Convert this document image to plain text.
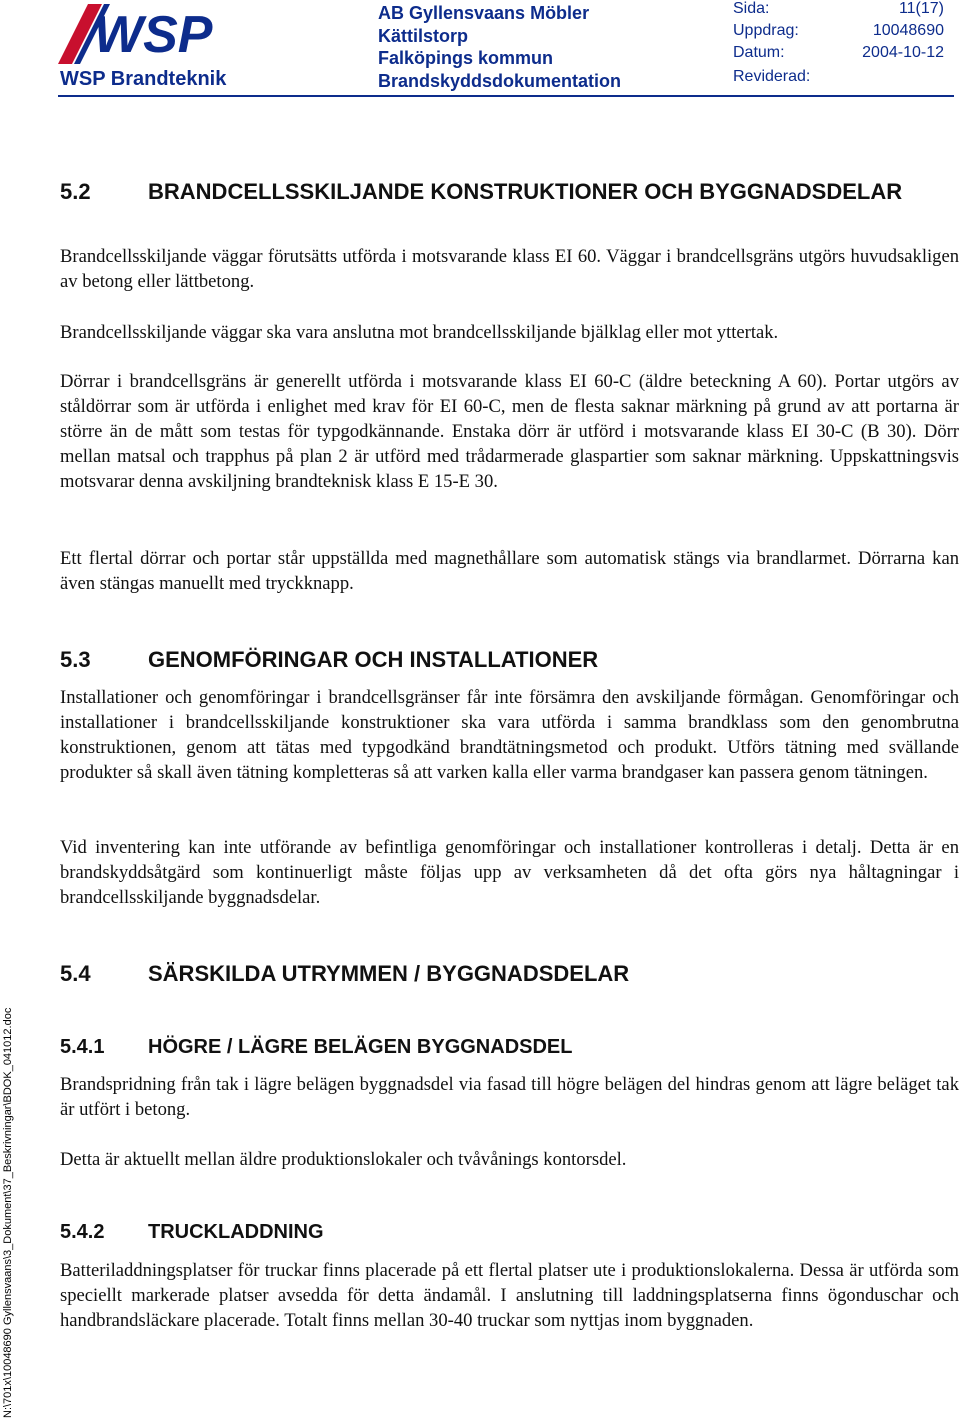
WSP
WSP Brandteknik
AB Gyllensvaans Möbler
Kättilstorp
Falköpings kommun
Brandskyddsdokumentation
Sida:	11(17)
Uppdrag:	10048690
Datum:	2004-10-12
Reviderad:
N:\701x\10048690 Gyllensvaans\3_Dokument\37_Beskrivningar\BDOK_041012.doc
5.2	BRANDCELLSSKILJANDE KONSTRUKTIONER OCH BYGGNADSDELAR

Brandcellsskiljande väggar förutsätts utförda i motsvarande klass EI 60. Väggar i brandcellsgräns utgörs huvudsakligen av betong eller lättbetong.

Brandcellsskiljande väggar ska vara anslutna mot brandcellsskiljande bjälklag eller mot yttertak.

Dörrar i brandcellsgräns är generellt utförda i motsvarande klass EI 60-C (äldre beteckning A 60). Portar utgörs av ståldörrar som är utförda i enlighet med krav för EI 60-C, men de flesta saknar märkning på grund av att portarna är större än de mått som testas för typgodkännande. Enstaka dörr är utförd i motsvarande klass EI 30-C (B 30). Dörr mellan matsal och trapphus på plan 2 är utförd med trådarmerade glaspartier som saknar märkning. Uppskattningsvis motsvarar denna avskiljning brandteknisk klass E 15-E 30.

Ett flertal dörrar och portar står uppställda med magnethållare som automatisk stängs via brandlarmet. Dörrarna kan även stängas manuellt med tryckknapp.

5.3	GENOMFÖRINGAR OCH INSTALLATIONER

Installationer och genomföringar i brandcellsgränser får inte försämra den avskiljande förmågan. Genomföringar och installationer i brandcellsskiljande konstruktioner ska vara utförda i samma brandklass som den genombrutna konstruktionen, genom att tätas med typgodkänd brandtätningsmetod och produkt. Utförs tätning med svällande produkter så skall även tätning kompletteras så att varken kalla eller varma brandgaser kan passera genom tätningen.

Vid inventering kan inte utförande av befintliga genomföringar och installationer kontrolleras i detalj. Detta är en brandskyddsåtgärd som kontinuerligt måste följas upp av verksamheten då det ofta görs nya håltagningar i brandcellsskiljande byggnadsdelar.

5.4	SÄRSKILDA UTRYMMEN / BYGGNADSDELAR
5.4.1 HÖGRE / LÄGRE BELÄGEN BYGGNADSDEL

Brandspridning från tak i lägre belägen byggnadsdel via fasad till högre belägen del hindras genom att lägre beläget tak är utfört i betong.

Detta är aktuellt mellan äldre produktionslokaler och tvåvånings kontorsdel.

5.4.2 TRUCKLADDNING

Batteriladdningsplatser för truckar finns placerade på ett flertal platser ute i produktionslokalerna. Dessa är utförda som speciellt markerade platser avsedda för detta ändamål. I anslutning till laddningsplatserna finns ögonduschar och handbrandsläckare placerade. Totalt finns mellan 30-40 truckar som nyttjas inom byggnaden.
